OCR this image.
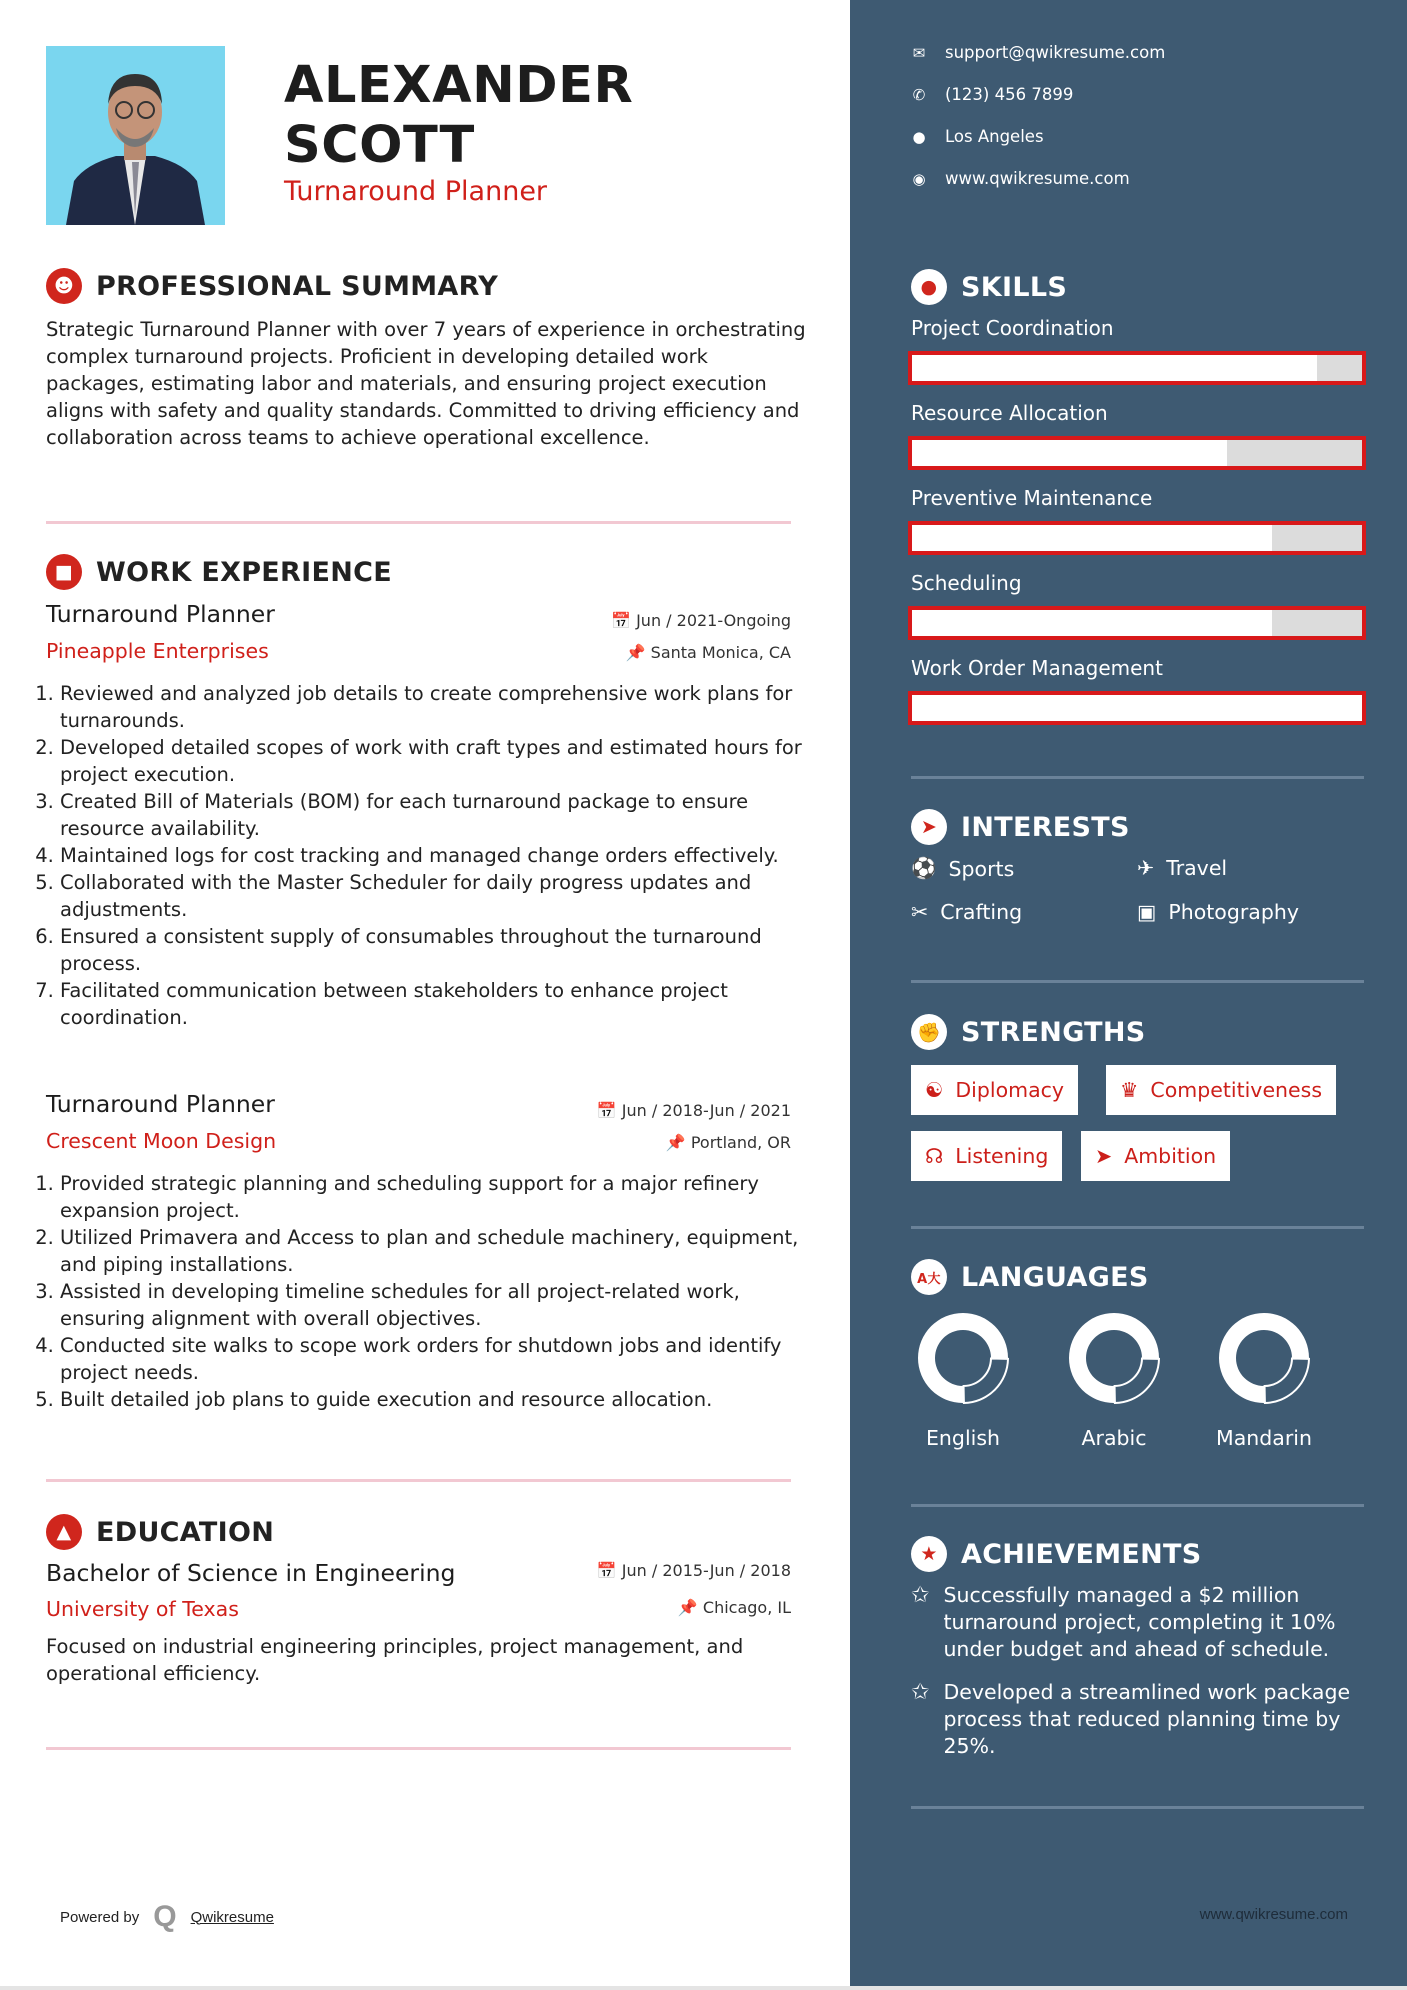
ALEXANDER
SCOTT
Turnaround Planner
☻ PROFESSIONAL SUMMARY
Strategic Turnaround Planner with over 7 years of experience in orchestrating complex turnaround projects. Proficient in developing detailed work packages, estimating labor and materials, and ensuring project execution aligns with safety and quality standards. Committed to driving efficiency and collaboration across teams to achieve operational excellence.
■ WORK EXPERIENCE
Turnaround Planner
Pineapple Enterprises
📅 Jun / 2021-Ongoing
📌 Santa Monica, CA
1. Reviewed and analyzed job details to create comprehensive work plans for turnarounds.
2. Developed detailed scopes of work with craft types and estimated hours for project execution.
3. Created Bill of Materials (BOM) for each turnaround package to ensure resource availability.
4. Maintained logs for cost tracking and managed change orders effectively.
5. Collaborated with the Master Scheduler for daily progress updates and adjustments.
6. Ensured a consistent supply of consumables throughout the turnaround process.
7. Facilitated communication between stakeholders to enhance project coordination.
Turnaround Planner
Crescent Moon Design
📅 Jun / 2018-Jun / 2021
📌 Portland, OR
1. Provided strategic planning and scheduling support for a major refinery expansion project.
2. Utilized Primavera and Access to plan and schedule machinery, equipment, and piping installations.
3. Assisted in developing timeline schedules for all project-related work, ensuring alignment with overall objectives.
4. Conducted site walks to scope work orders for shutdown jobs and identify project needs.
5. Built detailed job plans to guide execution and resource allocation.
▲ EDUCATION
Bachelor of Science in Engineering
University of Texas
📅 Jun / 2015-Jun / 2018
📌 Chicago, IL
Focused on industrial engineering principles, project management, and operational efficiency.
Powered by Q Qwikresume
✉ support@qwikresume.com
✆ (123) 456 7899
● Los Angeles
◉ www.qwikresume.com
● SKILLS
Project Coordination
Resource Allocation
Preventive Maintenance
Scheduling
Work Order Management
➤ INTERESTS
⚽ Sports	✈ Travel
✂ Crafting	▣ Photography
✊ STRENGTHS
☯ Diplomacy	♛ Competitiveness
☊ Listening ➤ Ambition
A大 LANGUAGES
English	Arabic	Mandarin
★ ACHIEVEMENTS
✩ Successfully managed a $2 million turnaround project, completing it 10% under budget and ahead of schedule.
✩ Developed a streamlined work package process that reduced planning time by 25%.
www.qwikresume.com
